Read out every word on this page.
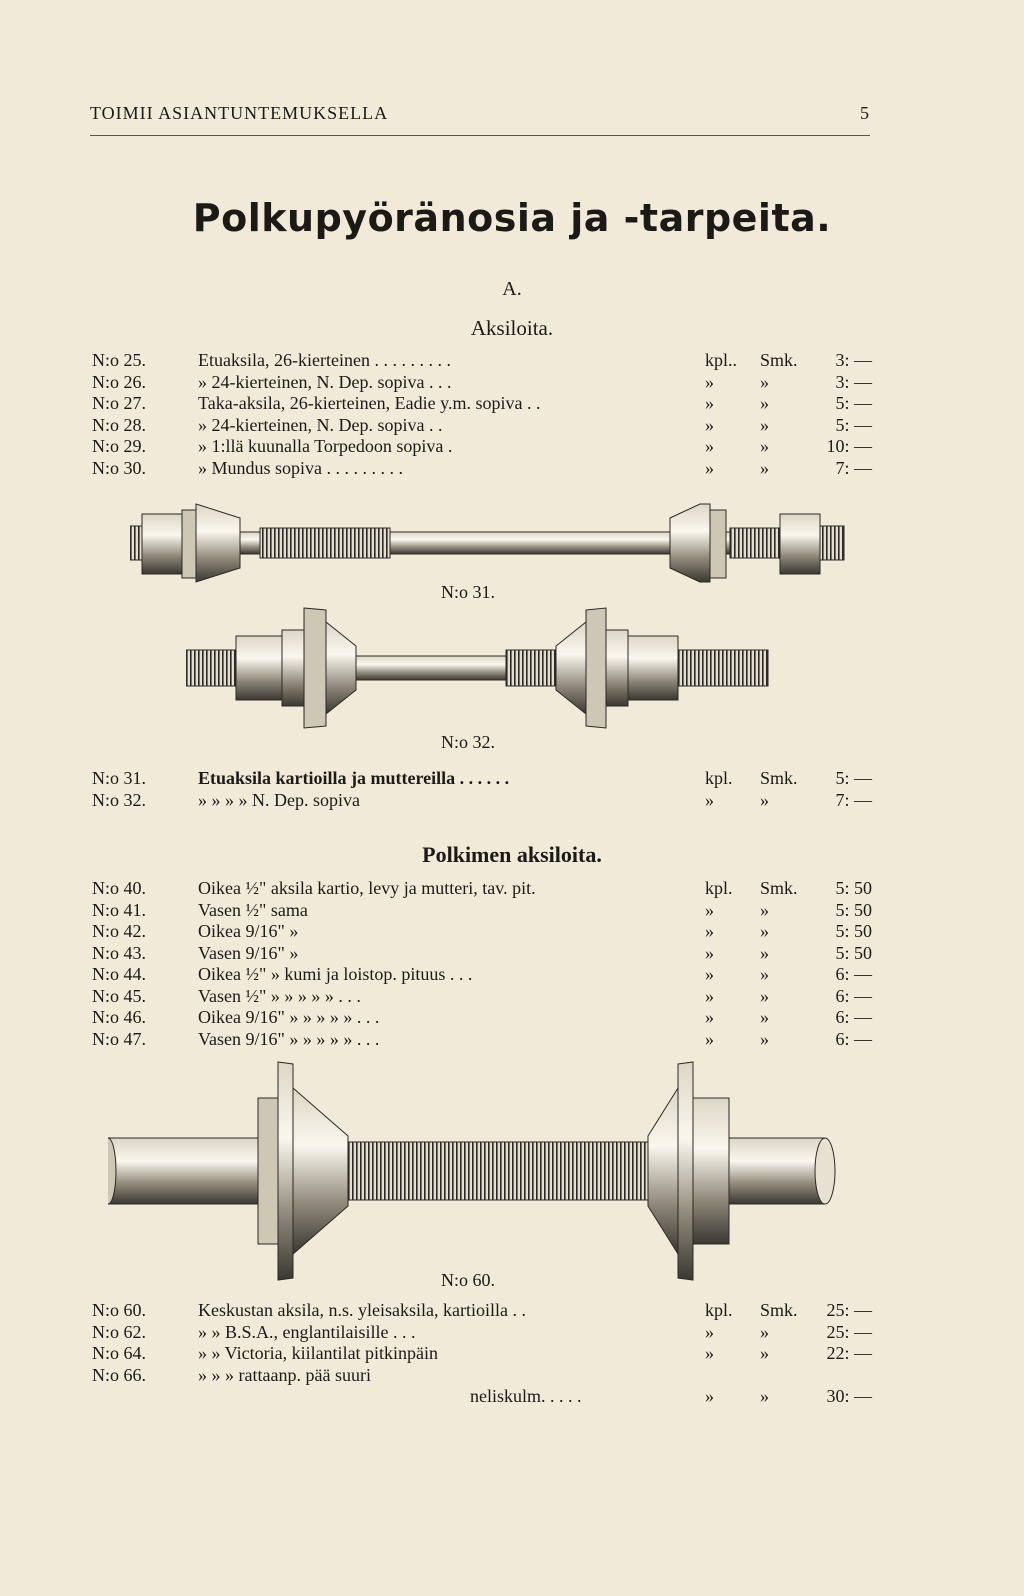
TOIMII ASIANTUNTEMUKSELLA	5
Polkupyöränosia ja -tarpeita.
A.
Aksiloita.
N:o 25.	Etuaksila, 26-kierteinen . . . . . . . . .	kpl.. Smk. 3: —
N:o 26.	» 24-kierteinen, N. Dep. sopiva . . .	»	»	3: —
N:o 27.	Taka-aksila, 26-kierteinen, Eadie y.m. sopiva . .	»	»	5: —
N:o 28.	» 24-kierteinen, N. Dep. sopiva . .	»	»	5: —
N:o 29.	» 1:llä kuunalla Torpedoon sopiva .	»	»	10: —
N:o 30.	» Mundus sopiva . . . . . . . . .	»	»	7: —
N:o 31.
N:o 32.
N:o 31.	Etuaksila kartioilla ja muttereilla . . . . . .	kpl. Smk. 5: —
N:o 32.	» » » » N. Dep. sopiva	»	»	7: —
Polkimen aksiloita.
N:o 40.	Oikea ½" aksila kartio, levy ja mutteri, tav. pit.	kpl. Smk. 5: 50
N:o 41.	Vasen ½" sama	»	»	5: 50
N:o 42.	Oikea 9/16" »	»	»	5: 50
N:o 43.	Vasen 9/16" »	»	»	5: 50
N:o 44.	Oikea ½" » kumi ja loistop. pituus . . .	»	»	6: —
N:o 45.	Vasen ½" » » » » » . . .	»	»	6: —
N:o 46.	Oikea 9/16" » » » » » . . .	»	»	6: —
N:o 47.	Vasen 9/16" » » » » » . . .	»	»	6: —
N:o 60.
N:o 60.	Keskustan aksila, n.s. yleisaksila, kartioilla . .	kpl. Smk. 25: —
N:o 62.	» » B.S.A., englantilaisille . . .	»	»	25: —
N:o 64.	» » Victoria, kiilantilat pitkinpäin	»	»	22: —
N:o 66.	» » » rattaanp. pää suuri
neliskulm. . . . .	»	»	30: —
